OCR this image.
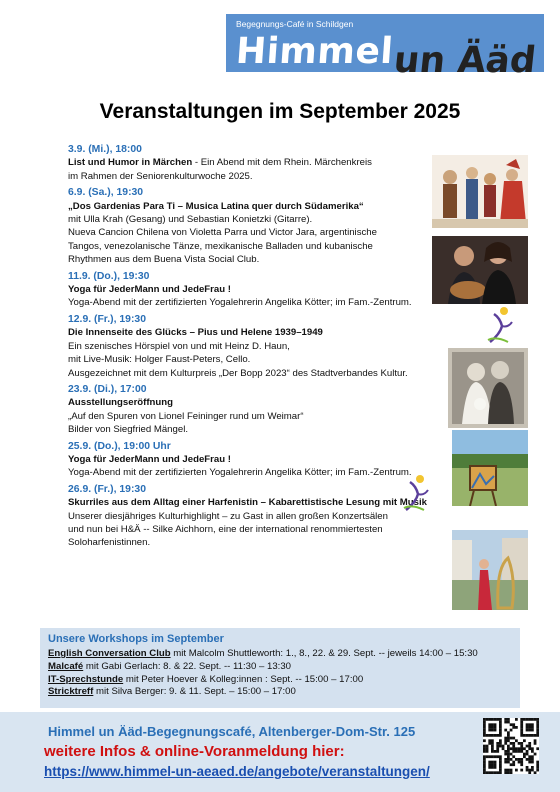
Begegnungs-Café in Schildgen
Himmel
un Ääd
Veranstaltungen im September 2025
3.9. (Mi.), 18:00
List und Humor in Märchen - Ein Abend mit dem Rhein. Märchenkreis
im Rahmen der Seniorenkulturwoche 2025.
6.9. (Sa.), 19:30
„Dos Gardenias Para Ti – Musica Latina quer durch Südamerika“
mit Ulla Krah (Gesang) und Sebastian Konietzki (Gitarre).
Nueva Cancion Chilena von Violetta Parra und Victor Jara, argentinische
Tangos, venezolanische Tänze, mexikanische Balladen und kubanische
Rhythmen aus dem Buena Vista Social Club.
11.9. (Do.), 19:30
Yoga für JederMann und JedeFrau !
Yoga-Abend mit der zertifizierten Yogalehrerin Angelika Kötter; im Fam.-Zentrum.
12.9. (Fr.), 19:30
Die Innenseite des Glücks – Pius und Helene 1939–1949
Ein szenisches Hörspiel von und mit Heinz D. Haun,
mit Live-Musik: Holger Faust-Peters, Cello.
Ausgezeichnet mit dem Kulturpreis „Der Bopp 2023“ des Stadtverbandes Kultur.
23.9. (Di.), 17:00
Ausstellungseröffnung
„Auf den Spuren von Lionel Feininger rund um Weimar“
Bilder von Siegfried Mängel.
25.9. (Do.), 19:00 Uhr
Yoga für JederMann und JedeFrau !
Yoga-Abend mit der zertifizierten Yogalehrerin Angelika Kötter; im Fam.-Zentrum.
26.9. (Fr.), 19:30
Skurriles aus dem Alltag einer Harfenistin – Kabarettistische Lesung mit Musik
Unserer diesjähriges Kulturhighlight – zu Gast in allen großen Konzertsälen
und nun bei H&Ä -- Silke Aichhorn, eine der international renommiertesten
Soloharfenistinnen.
Unsere Workshops im September
English Conversation Club mit Malcolm Shuttleworth: 1., 8., 22. & 29. Sept. -- jeweils 14:00 – 15:30
Malcafé mit Gabi Gerlach: 8. & 22. Sept. -- 11:30 – 13:30
IT-Sprechstunde mit Peter Hoever & Kolleg:innen : Sept. -- 15:00 – 17:00
Stricktreff mit Silva Berger: 9. & 11. Sept. – 15:00 – 17:00
Himmel un Ääd-Begegnungscafé, Altenberger-Dom-Str. 125
weitere Infos & online-Voranmeldung hier:
https://www.himmel-un-aeaed.de/angebote/veranstaltungen/
